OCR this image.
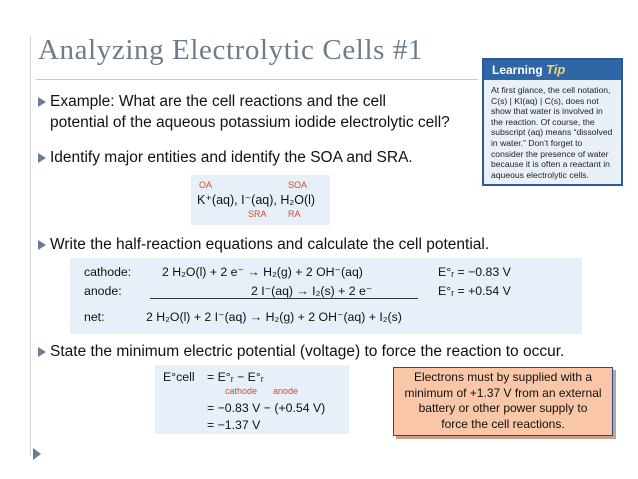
Analyzing Electrolytic Cells #1
Example: What are the cell reactions and the cell
potential of the aqueous potassium iodide electrolytic cell?
Identify major entities and identify the SOA and SRA.
OA	SOA
K⁺(aq), I⁻(aq), H₂O(l)
SRA RA
Write the half-reaction equations and calculate the cell potential.
cathode:	2 H₂O(l) + 2 e⁻ → H₂(g) + 2 OH⁻(aq)	E°ᵣ = −0.83 V
anode:	2 I⁻(aq) → I₂(s) + 2 e⁻	E°ᵣ = +0.54 V
net:	2 H₂O(l) + 2 I⁻(aq) → H₂(g) + 2 OH⁻(aq) + I₂(s)
State the minimum electric potential (voltage) to force the reaction to occur.
E°cell = E°ᵣ − E°ᵣ
cathode anode
= −0.83 V − (+0.54 V)
= −1.37 V
Electrons must by supplied with a
minimum of +1.37 V from an external
battery or other power supply to
force the cell reactions.
Learning Tip
At first glance, the cell notation,
C(s) | KI(aq) | C(s), does not
show that water is involved in
the reaction. Of course, the
subscript (aq) means “dissolved
in water.” Don’t forget to
consider the presence of water
because it is often a reactant in
aqueous electrolytic cells.
